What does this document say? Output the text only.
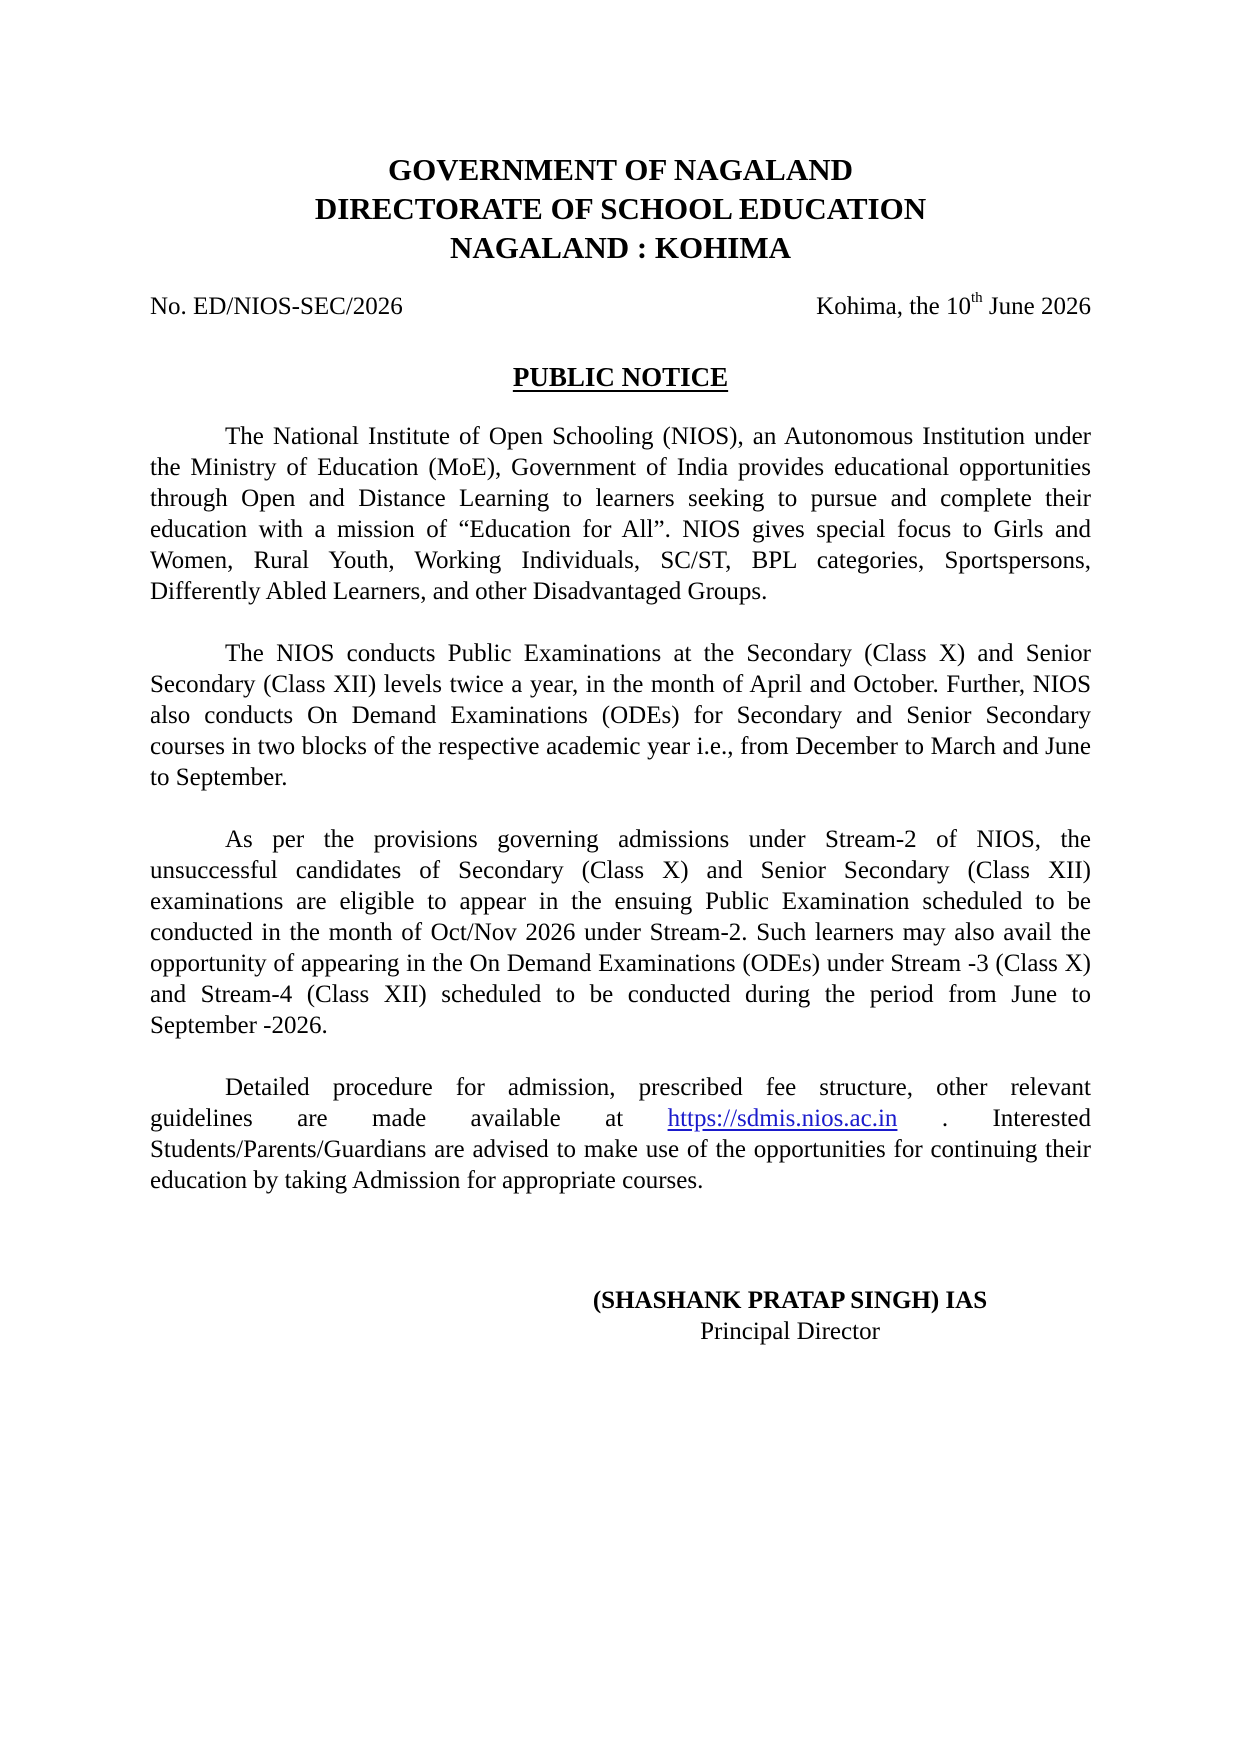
GOVERNMENT OF NAGALAND
DIRECTORATE OF SCHOOL EDUCATION
NAGALAND : KOHIMA
No. ED/NIOS-SEC/2026	Kohima, the 10th June 2026
PUBLIC NOTICE

The National Institute of Open Schooling (NIOS), an Autonomous Institution under the Ministry of Education (MoE), Government of India provides educational opportunities through Open and Distance Learning to learners seeking to pursue and complete their education with a mission of “Education for All”. NIOS gives special focus to Girls and Women, Rural Youth, Working Individuals, SC/ST, BPL categories, Sportspersons, Differently Abled Learners, and other Disadvantaged Groups.

The NIOS conducts Public Examinations at the Secondary (Class X) and Senior Secondary (Class XII) levels twice a year, in the month of April and October. Further, NIOS also conducts On Demand Examinations (ODEs) for Secondary and Senior Secondary courses in two blocks of the respective academic year i.e., from December to March and June to September.

As per the provisions governing admissions under Stream-2 of NIOS, the unsuccessful candidates of Secondary (Class X) and Senior Secondary (Class XII) examinations are eligible to appear in the ensuing Public Examination scheduled to be conducted in the month of Oct/Nov 2026 under Stream-2. Such learners may also avail the opportunity of appearing in the On Demand Examinations (ODEs) under Stream -3 (Class X) and Stream-4 (Class XII) scheduled to be conducted during the period from June to September -2026.

Detailed procedure for admission, prescribed fee structure, other relevant
guidelines are made available at https://sdmis.nios.ac.in . Interested
Students/Parents/Guardians are advised to make use of the opportunities for continuing their education by taking Admission for appropriate courses.
(SHASHANK PRATAP SINGH) IAS
Principal Director
